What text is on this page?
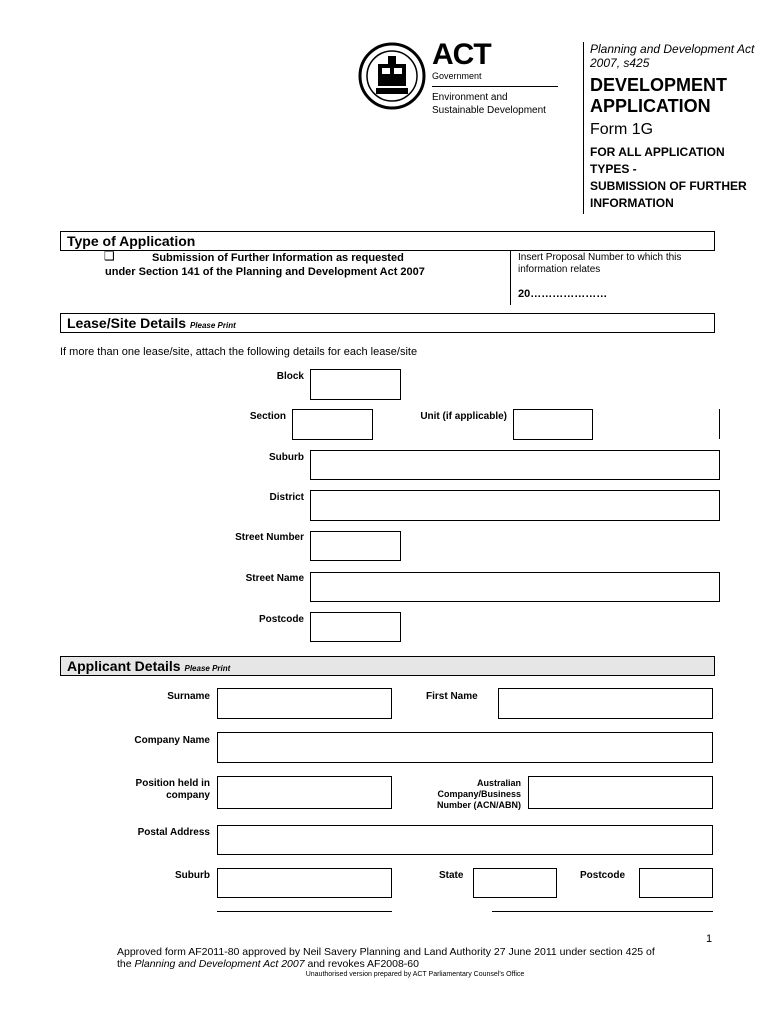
ACT
Government
Environment and
Sustainable Development
Planning and Development Act
2007, s425
DEVELOPMENT
APPLICATION
Form 1G
FOR ALL APPLICATION
TYPES -
SUBMISSION OF FURTHER
INFORMATION
Type of Application
❑	Submission of Further Information as requested
under Section 141 of the Planning and Development Act 2007
Insert Proposal Number to which this
information relates
20…………………
Lease/Site Details Please Print
If more than one lease/site, attach the following details for each lease/site
Block
Section	Unit (if applicable)
Suburb
District
Street Number
Street Name
Postcode
Applicant Details Please Print
Surname	First Name
Company Name
Position held in
company
Australian
Company/Business
Number (ACN/ABN)
Postal Address
Suburb	State	Postcode
1
Approved form AF2011-80 approved by Neil Savery Planning and Land Authority 27 June 2011 under section 425 of
the Planning and Development Act 2007 and revokes AF2008-60
Unauthorised version prepared by ACT Parliamentary Counsel's Office
